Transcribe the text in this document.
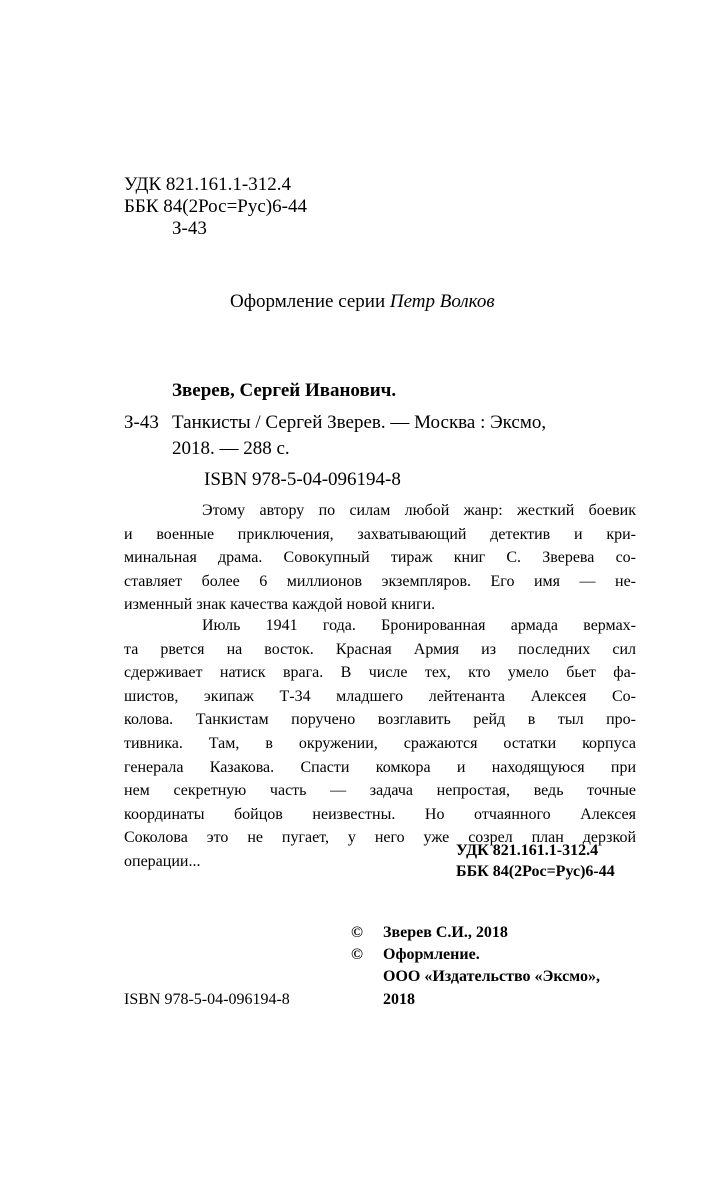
УДК 821.161.1-312.4
ББК 84(2Рос=Рус)6-44
З-43
Оформление серии Петр Волков
Зверев, Сергей Иванович.
З-43 Танкисты / Сергей Зверев. — Москва : Эксмо,
2018. — 288 с.
ISBN 978-5-04-096194-8
Этому автору по силам любой жанр: жесткий боевик
и военные приключения, захватывающий детектив и кри-
минальная драма. Совокупный тираж книг С. Зверева со-
ставляет более 6 миллионов экземпляров. Его имя — не-
изменный знак качества каждой новой книги.
Июль 1941 года. Бронированная армада вермах-
та рвется на восток. Красная Армия из последних сил
сдерживает натиск врага. В числе тех, кто умело бьет фа-
шистов, экипаж Т-34 младшего лейтенанта Алексея Со-
колова. Танкистам поручено возглавить рейд в тыл про-
тивника. Там, в окружении, сражаются остатки корпуса
генерала Казакова. Спасти комкора и находящуюся при
нем секретную часть — задача непростая, ведь точные
координаты бойцов неизвестны. Но отчаянного Алексея
Соколова это не пугает, у него уже созрел план дерзкой
операции...
УДК 821.161.1-312.4
ББК 84(2Рос=Рус)6-44
© Зверев С.И., 2018
© Оформление.
ООО «Издательство «Эксмо»,
2018
ISBN 978-5-04-096194-8
